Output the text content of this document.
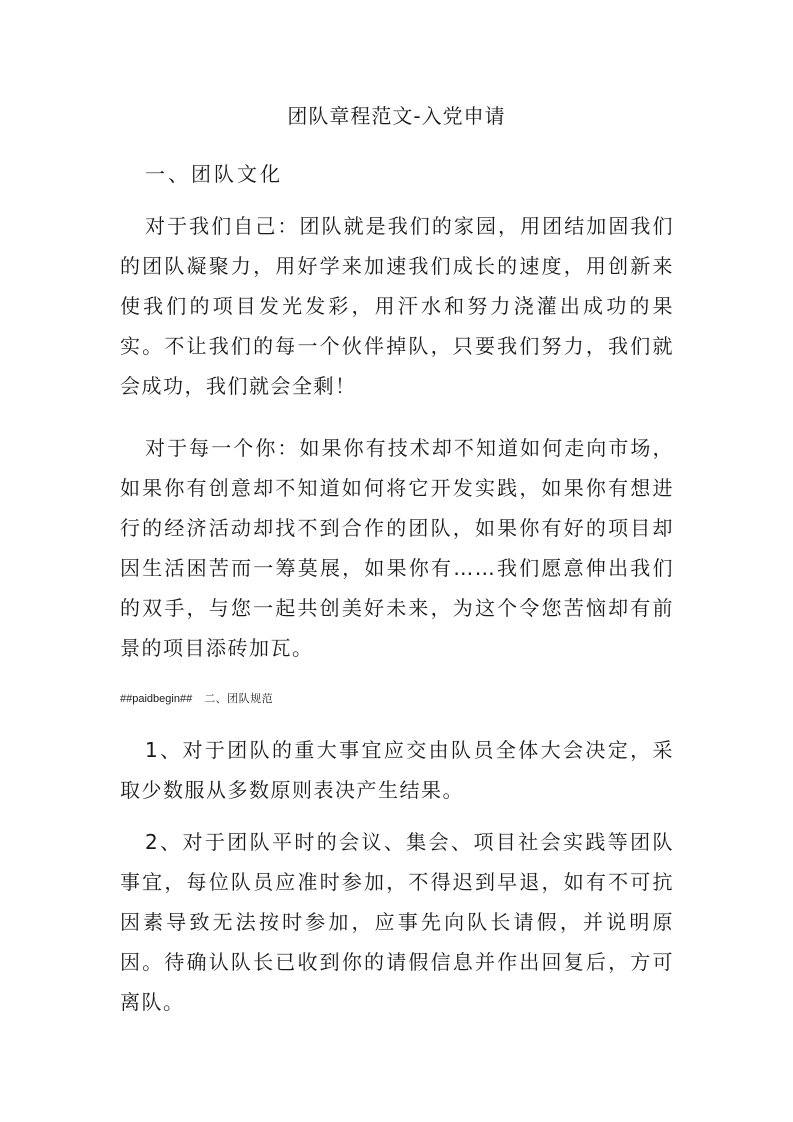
团队章程范文-入党申请

一、团队文化

对于我们自己：团队就是我们的家园，用团结加固我们的团队凝聚力，用好学来加速我们成长的速度，用创新来使我们的项目发光发彩，用汗水和努力浇灌出成功的果实。不让我们的每一个伙伴掉队，只要我们努力，我们就会成功，我们就会全剩！

对于每一个你：如果你有技术却不知道如何走向市场，如果你有创意却不知道如何将它开发实践，如果你有想进行的经济活动却找不到合作的团队，如果你有好的项目却因生活困苦而一筹莫展，如果你有……我们愿意伸出我们的双手，与您一起共创美好未来，为这个令您苦恼却有前景的项目添砖加瓦。

##paidbegin## 二、团队规范

1、对于团队的重大事宜应交由队员全体大会决定，采取少数服从多数原则表决产生结果。

2、对于团队平时的会议、集会、项目社会实践等团队事宜，每位队员应准时参加，不得迟到早退，如有不可抗因素导致无法按时参加，应事先向队长请假，并说明原因。待确认队长已收到你的请假信息并作出回复后，方可离队。
